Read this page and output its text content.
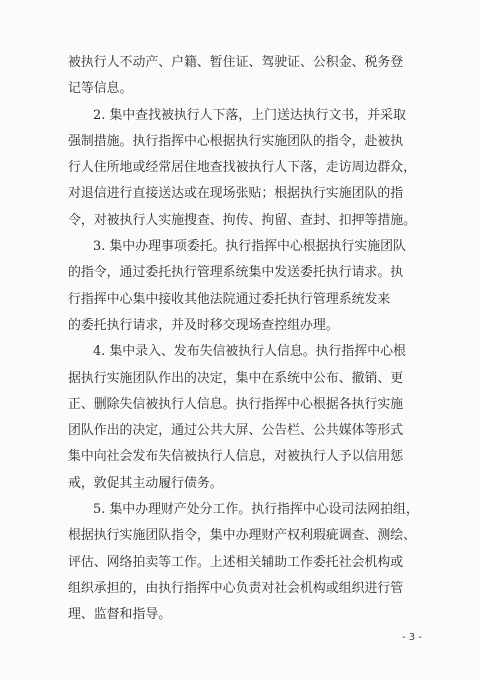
被执行人不动产、户籍、暂住证、驾驶证、公积金、税务登
记等信息。
2. 集中查找被执行人下落，上门送达执行文书，并采取
强制措施。执行指挥中心根据执行实施团队的指令，赴被执
行人住所地或经常居住地查找被执行人下落，走访周边群众，
对退信进行直接送达或在现场张贴；根据执行实施团队的指
令，对被执行人实施搜查、拘传、拘留、查封、扣押等措施。
3. 集中办理事项委托。执行指挥中心根据执行实施团队
的指令，通过委托执行管理系统集中发送委托执行请求。执
行指挥中心集中接收其他法院通过委托执行管理系统发来
的委托执行请求，并及时移交现场查控组办理。
4. 集中录入、发布失信被执行人信息。执行指挥中心根
据执行实施团队作出的决定，集中在系统中公布、撤销、更
正、删除失信被执行人信息。执行指挥中心根据各执行实施
团队作出的决定，通过公共大屏、公告栏、公共媒体等形式
集中向社会发布失信被执行人信息，对被执行人予以信用惩
戒，敦促其主动履行债务。
5. 集中办理财产处分工作。执行指挥中心设司法网拍组，
根据执行实施团队指令，集中办理财产权利瑕疵调查、测绘、
评估、网络拍卖等工作。上述相关辅助工作委托社会机构或
组织承担的，由执行指挥中心负责对社会机构或组织进行管
理、监督和指导。
- 3 -
